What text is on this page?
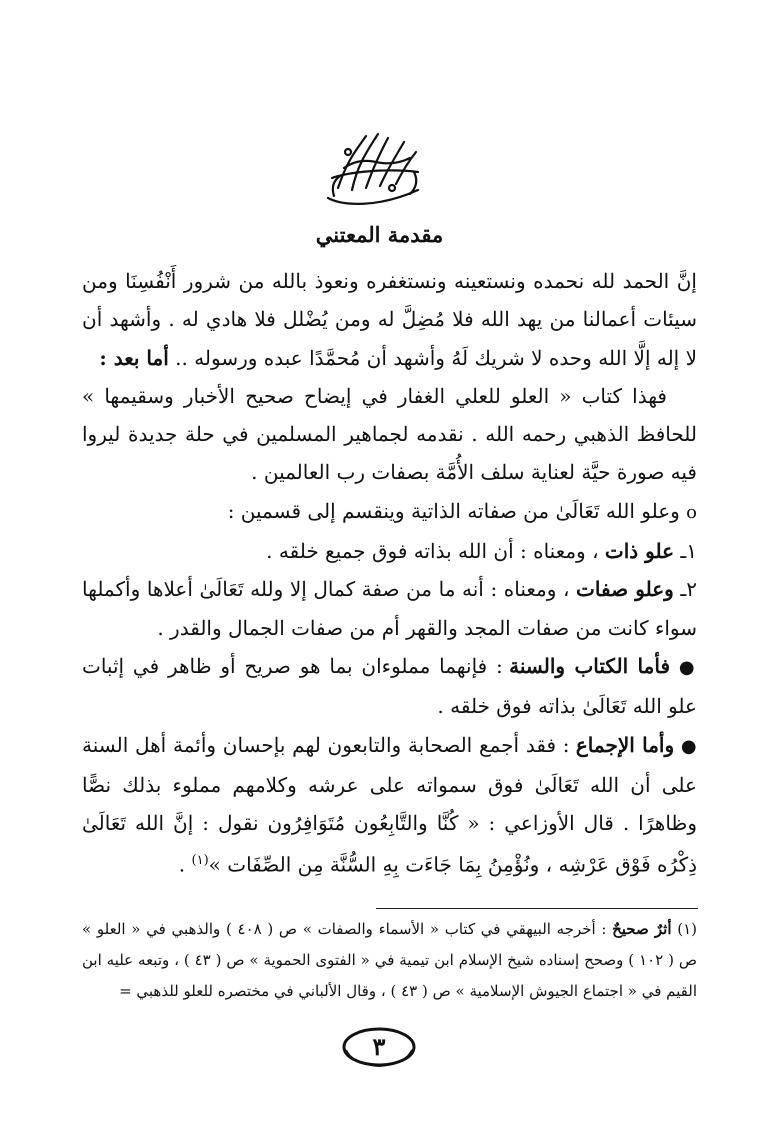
مقدمة المعتني

إنَّ الحمد لله نحمده ونستعينه ونستغفره ونعوذ بالله من شرور أَنْفُسِنَا ومن سيئات أعمالنا من يهد الله فلا مُضِلَّ له ومن يُضْلل فلا هادي له . وأشهد أن لا إله إلَّا الله وحده لا شريك لَهُ وأشهد أن مُحمَّدًا عبده ورسوله .. أما بعد :

فهذا كتاب « العلو للعلي الغفار في إيضاح صحيح الأخبار وسقيمها » للحافظ الذهبي رحمه الله . نقدمه لجماهير المسلمين في حلة جديدة ليروا فيه صورة حيَّة لعناية سلف الأُمَّة بصفات رب العالمين .

o وعلو الله تَعَالَىٰ من صفاته الذاتية وينقسم إلى قسمين :

١ـ علو ذات ، ومعناه : أن الله بذاته فوق جميع خلقه .

٢ـ وعلو صفات ، ومعناه : أنه ما من صفة كمال إلا ولله تَعَالَىٰ أعلاها وأكملها سواء كانت من صفات المجد والقهر أم من صفات الجمال والقدر .

● فأما الكتاب والسنة : فإنهما مملوءان بما هو صريح أو ظاهر في إثبات علو الله تَعَالَىٰ بذاته فوق خلقه .

● وأما الإجماع : فقد أجمع الصحابة والتابعون لهم بإحسان وأئمة أهل السنة على أن الله تَعَالَىٰ فوق سمواته على عرشه وكلامهم مملوء بذلك نصًّا وظاهرًا . قال الأوزاعي : « كُنَّا والتَّابِعُون مُتَوَافِرُون نقول : إنَّ الله تَعَالَىٰ ذِكْرُه فَوْق عَرْشِه ، ونُؤْمِنُ بِمَا جَاءَت بِهِ السُّنَّة مِن الصِّفَات »$^{(١)}$ .

(١) أثرٌ صحيحٌ : أخرجه البيهقي في كتاب « الأسماء والصفات » ص ( ٤٠٨ ) والذهبي في « العلو » ص ( ١٠٢ ) وصحح إسناده شيخ الإسلام ابن تيمية في « الفتوى الحموية » ص ( ٤٣ ) ، وتبعه عليه ابن القيم في « اجتماع الجيوش الإسلامية » ص ( ٤٣ ) ، وقال الألباني في مختصره للعلو للذهبي =

٣
